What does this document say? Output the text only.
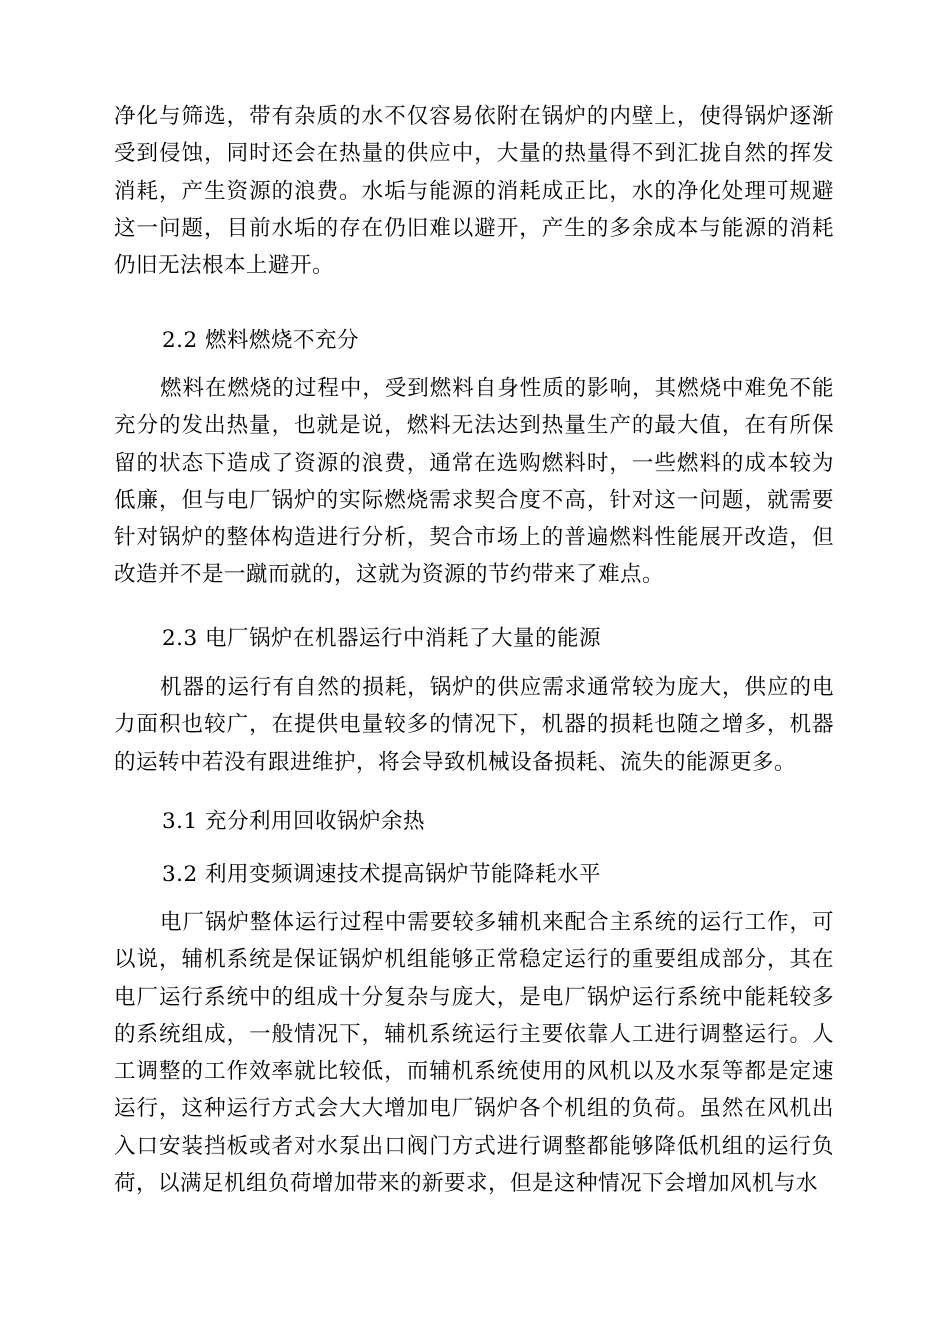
净化与筛选，带有杂质的水不仅容易依附在锅炉的内壁上，使得锅炉逐渐受到侵蚀，同时还会在热量的供应中，大量的热量得不到汇拢自然的挥发消耗，产生资源的浪费。水垢与能源的消耗成正比，水的净化处理可规避这一问题，目前水垢的存在仍旧难以避开，产生的多余成本与能源的消耗仍旧无法根本上避开。

2.2 燃料燃烧不充分

燃料在燃烧的过程中，受到燃料自身性质的影响，其燃烧中难免不能充分的发出热量，也就是说，燃料无法达到热量生产的最大值，在有所保留的状态下造成了资源的浪费，通常在选购燃料时，一些燃料的成本较为低廉，但与电厂锅炉的实际燃烧需求契合度不高，针对这一问题，就需要针对锅炉的整体构造进行分析，契合市场上的普遍燃料性能展开改造，但改造并不是一蹴而就的，这就为资源的节约带来了难点。

2.3 电厂锅炉在机器运行中消耗了大量的能源

机器的运行有自然的损耗，锅炉的供应需求通常较为庞大，供应的电力面积也较广，在提供电量较多的情况下，机器的损耗也随之增多，机器的运转中若没有跟进维护，将会导致机械设备损耗、流失的能源更多。

3.1 充分利用回收锅炉余热
3.2 利用变频调速技术提高锅炉节能降耗水平

电厂锅炉整体运行过程中需要较多辅机来配合主系统的运行工作，可以说，辅机系统是保证锅炉机组能够正常稳定运行的重要组成部分，其在电厂运行系统中的组成十分复杂与庞大，是电厂锅炉运行系统中能耗较多的系统组成，一般情况下，辅机系统运行主要依靠人工进行调整运行。人工调整的工作效率就比较低，而辅机系统使用的风机以及水泵等都是定速运行，这种运行方式会大大增加电厂锅炉各个机组的负荷。虽然在风机出入口安装挡板或者对水泵出口阀门方式进行调整都能够降低机组的运行负荷，以满足机组负荷增加带来的新要求，但是这种情况下会增加风机与水
